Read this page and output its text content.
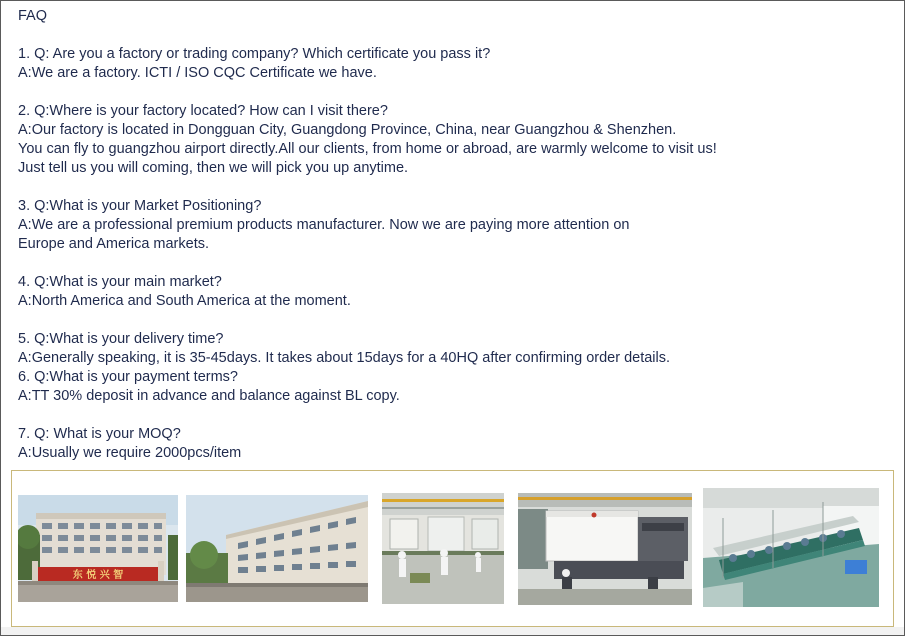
FAQ
1. Q: Are you a factory or trading company? Which certificate you pass it?
A:We are a factory. ICTI / ISO CQC Certificate we have.
2. Q:Where is your factory located? How can I visit there?
A:Our factory is located in Dongguan City, Guangdong Province, China, near Guangzhou & Shenzhen.
You can fly to guangzhou airport directly.All our clients, from home or abroad, are warmly welcome to visit us!
Just tell us you will coming, then we will pick you up anytime.
3. Q:What is your Market Positioning?
A:We are a professional premium products manufacturer. Now we are paying more attention on
Europe and America markets.
4. Q:What is your main market?
A:North America and South America at the moment.
5. Q:What is your delivery time?
A:Generally speaking, it is 35-45days. It takes about 15days for a 40HQ after confirming order details.
6. Q:What is your payment terms?
A:TT 30% deposit in advance and balance against BL copy.
7. Q: What is your MOQ?
A:Usually we require 2000pcs/item
东 悦 兴 智
